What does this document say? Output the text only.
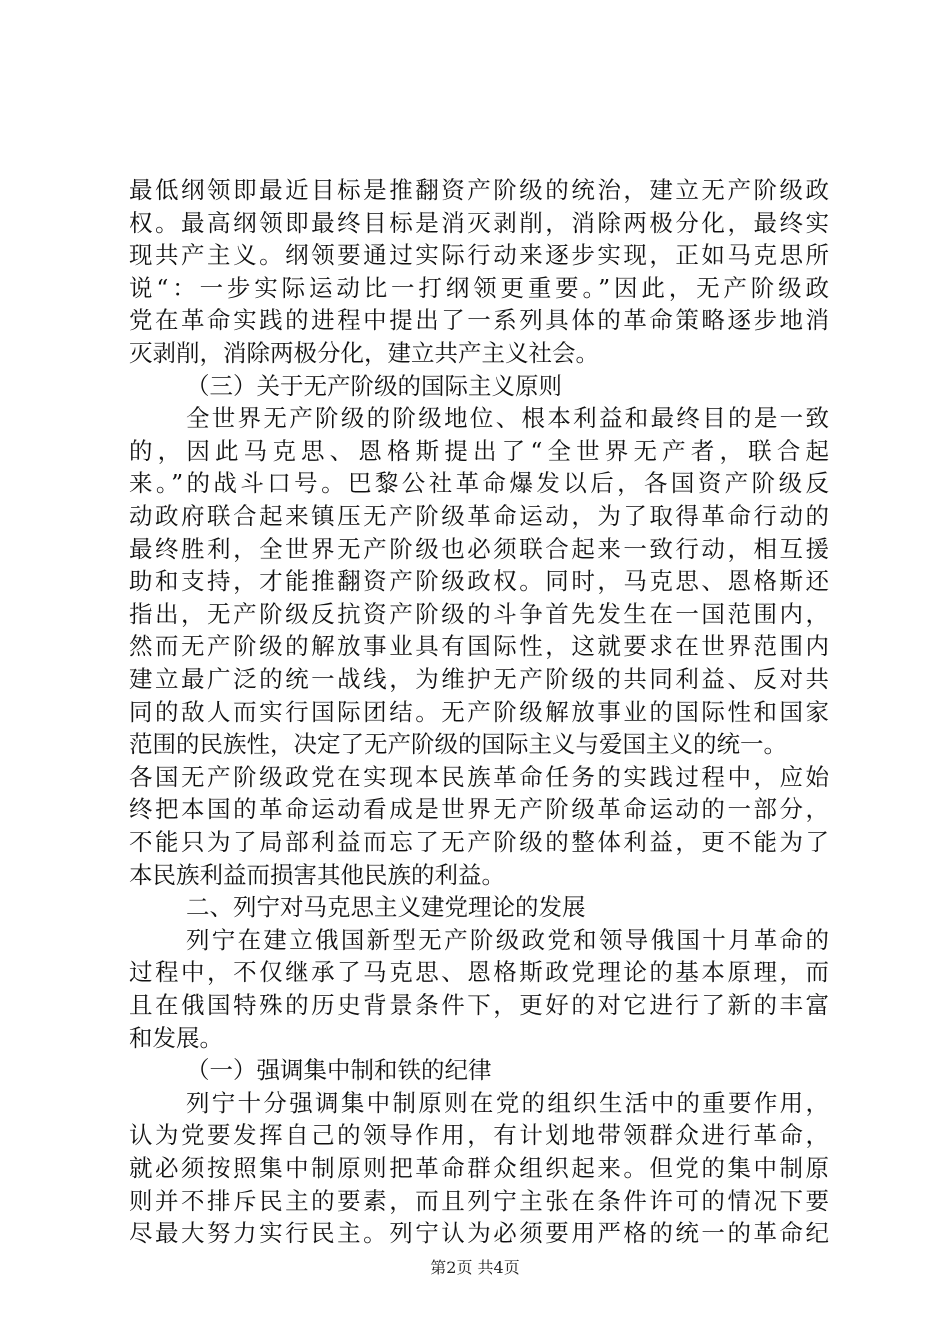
最低纲领即最近目标是推翻资产阶级的统治，建立无产阶级政
权。最高纲领即最终目标是消灭剥削，消除两极分化，最终实
现共产主义。纲领要通过实际行动来逐步实现，正如马克思所
说“：一步实际运动比一打纲领更重要。”因此，无产阶级政
党在革命实践的进程中提出了一系列具体的革命策略逐步地消
灭剥削，消除两极分化，建立共产主义社会。
（三）关于无产阶级的国际主义原则
全世界无产阶级的阶级地位、根本利益和最终目的是一致
的，因此马克思、恩格斯提出了“全世界无产者，联合起
来。”的战斗口号。巴黎公社革命爆发以后，各国资产阶级反
动政府联合起来镇压无产阶级革命运动，为了取得革命行动的
最终胜利，全世界无产阶级也必须联合起来一致行动，相互援
助和支持，才能推翻资产阶级政权。同时，马克思、恩格斯还
指出，无产阶级反抗资产阶级的斗争首先发生在一国范围内，
然而无产阶级的解放事业具有国际性，这就要求在世界范围内
建立最广泛的统一战线，为维护无产阶级的共同利益、反对共
同的敌人而实行国际团结。无产阶级解放事业的国际性和国家
范围的民族性，决定了无产阶级的国际主义与爱国主义的统一。
各国无产阶级政党在实现本民族革命任务的实践过程中，应始
终把本国的革命运动看成是世界无产阶级革命运动的一部分，
不能只为了局部利益而忘了无产阶级的整体利益，更不能为了
本民族利益而损害其他民族的利益。
二、列宁对马克思主义建党理论的发展
列宁在建立俄国新型无产阶级政党和领导俄国十月革命的
过程中，不仅继承了马克思、恩格斯政党理论的基本原理，而
且在俄国特殊的历史背景条件下，更好的对它进行了新的丰富
和发展。
（一）强调集中制和铁的纪律
列宁十分强调集中制原则在党的组织生活中的重要作用，
认为党要发挥自己的领导作用，有计划地带领群众进行革命，
就必须按照集中制原则把革命群众组织起来。但党的集中制原
则并不排斥民主的要素，而且列宁主张在条件许可的情况下要
尽最大努力实行民主。列宁认为必须要用严格的统一的革命纪
第2页 共4页
